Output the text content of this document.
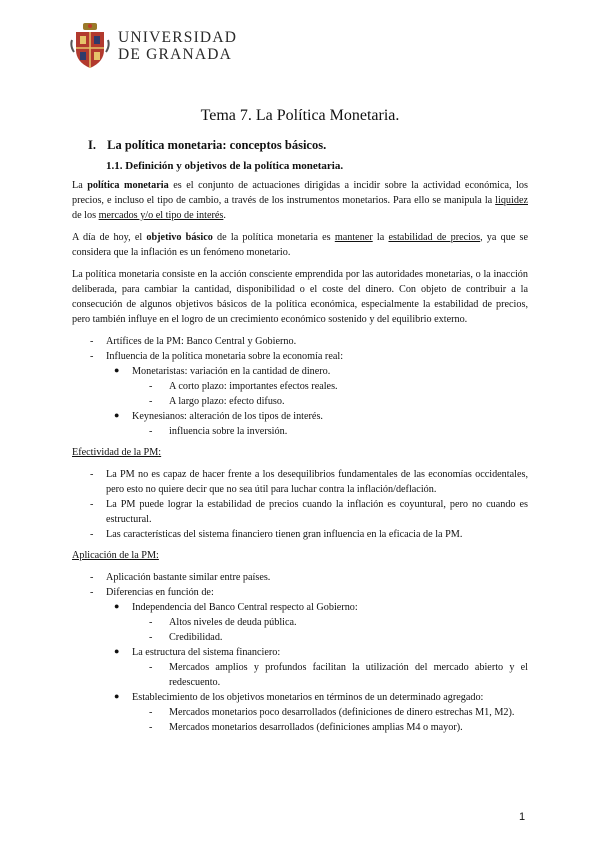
UNIVERSIDAD
DE GRANADA
Tema 7. La Política Monetaria.
I. La política monetaria: conceptos básicos.
1.1. Definición y objetivos de la política monetaria.

La política monetaria es el conjunto de actuaciones dirigidas a incidir sobre la actividad económica, los precios, e incluso el tipo de cambio, a través de los instrumentos monetarios. Para ello se manipula la liquidez de los mercados y/o el tipo de interés.

A día de hoy, el objetivo básico de la política monetaria es mantener la estabilidad de precios, ya que se considera que la inflación es un fenómeno monetario.

La política monetaria consiste en la acción consciente emprendida por las autoridades monetarias, o la inacción deliberada, para cambiar la cantidad, disponibilidad o el coste del dinero. Con objeto de contribuir a la consecución de algunos objetivos básicos de la política económica, especialmente la estabilidad de precios, pero también influye en el logro de un crecimiento económico sostenido y del equilibrio externo.

- Artífices de la PM: Banco Central y Gobierno.
- Influencia de la política monetaria sobre la economía real:
● Monetaristas: variación en la cantidad de dinero.
- A corto plazo: importantes efectos reales.
- A largo plazo: efecto difuso.
● Keynesianos: alteración de los tipos de interés.
- influencia sobre la inversión.
Efectividad de la PM:
- La PM no es capaz de hacer frente a los desequilibrios fundamentales de las economías occidentales, pero esto no quiere decir que no sea útil para luchar contra la inflación/deflación.
- La PM puede lograr la estabilidad de precios cuando la inflación es coyuntural, pero no cuando es estructural.
- Las características del sistema financiero tienen gran influencia en la eficacia de la PM.
Aplicación de la PM:
- Aplicación bastante similar entre países.
- Diferencias en función de:
● Independencia del Banco Central respecto al Gobierno:
- Altos niveles de deuda pública.
- Credibilidad.
● La estructura del sistema financiero:
- Mercados amplios y profundos facilitan la utilización del mercado abierto y el redescuento.
● Establecimiento de los objetivos monetarios en términos de un determinado agregado:
- Mercados monetarios poco desarrollados (definiciones de dinero estrechas M1, M2).
- Mercados monetarios desarrollados (definiciones amplias M4 o mayor).
1
